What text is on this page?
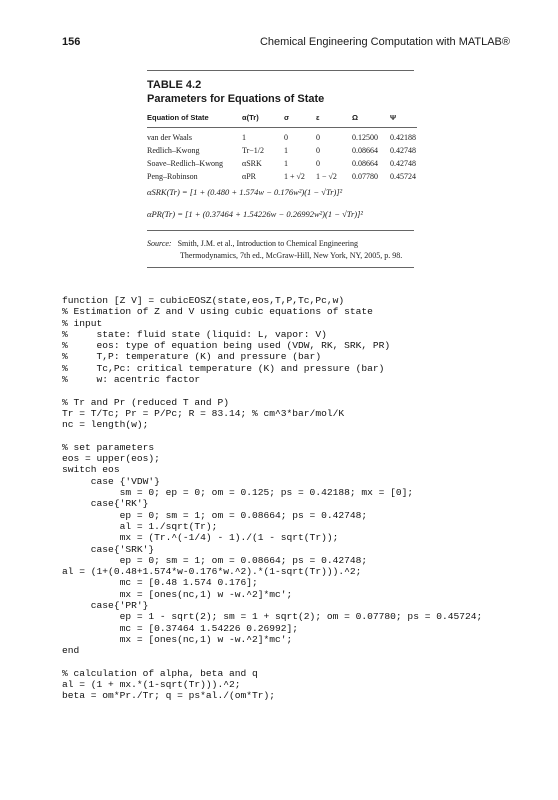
156	Chemical Engineering Computation with MATLAB®
TABLE 4.2
Parameters for Equations of State
Equation of State	α(Tr)	σ	ε	Ω	Ψ
van der Waals	1	0	0	0.12500	0.42188
Redlich–Kwong	Tr−1/2	1	0	0.08664	0.42748
Soave–Redlich–Kwong	αSRK	1	0	0.08664	0.42748
Peng–Robinson	αPR	1 + √2	1 − √2	0.07780	0.45724
αSRK(Tr) = [1 + (0.480 + 1.574w − 0.176w²)(1 − √Tr)]²
αPR(Tr) = [1 + (0.37464 + 1.54226w − 0.26992w²)(1 − √Tr)]²
Source: Smith, J.M. et al., Introduction to Chemical Engineering
Thermodynamics, 7th ed., McGraw-Hill, New York, NY, 2005, p. 98.
function [Z V] = cubicEOSZ(state,eos,T,P,Tc,Pc,w)
% Estimation of Z and V using cubic equations of state
% input
%     state: fluid state (liquid: L, vapor: V)
%     eos: type of equation being used (VDW, RK, SRK, PR)
%     T,P: temperature (K) and pressure (bar)
%     Tc,Pc: critical temperature (K) and pressure (bar)
%     w: acentric factor

% Tr and Pr (reduced T and P)
Tr = T/Tc; Pr = P/Pc; R = 83.14; % cm^3*bar/mol/K
nc = length(w);

% set parameters
eos = upper(eos);
switch eos
case {'VDW'}
sm = 0; ep = 0; om = 0.125; ps = 0.42188; mx = [0];
case{'RK'}
ep = 0; sm = 1; om = 0.08664; ps = 0.42748;
al = 1./sqrt(Tr);
mx = (Tr.^(-1/4) - 1)./(1 - sqrt(Tr));
case{'SRK'}
ep = 0; sm = 1; om = 0.08664; ps = 0.42748;
al = (1+(0.48+1.574*w-0.176*w.^2).*(1-sqrt(Tr))).^2;
mc = [0.48 1.574 0.176];
mx = [ones(nc,1) w -w.^2]*mc';
case{'PR'}
ep = 1 - sqrt(2); sm = 1 + sqrt(2); om = 0.07780; ps = 0.45724;
mc = [0.37464 1.54226 0.26992];
mx = [ones(nc,1) w -w.^2]*mc';
end

% calculation of alpha, beta and q
al = (1 + mx.*(1-sqrt(Tr))).^2;
beta = om*Pr./Tr; q = ps*al./(om*Tr);
